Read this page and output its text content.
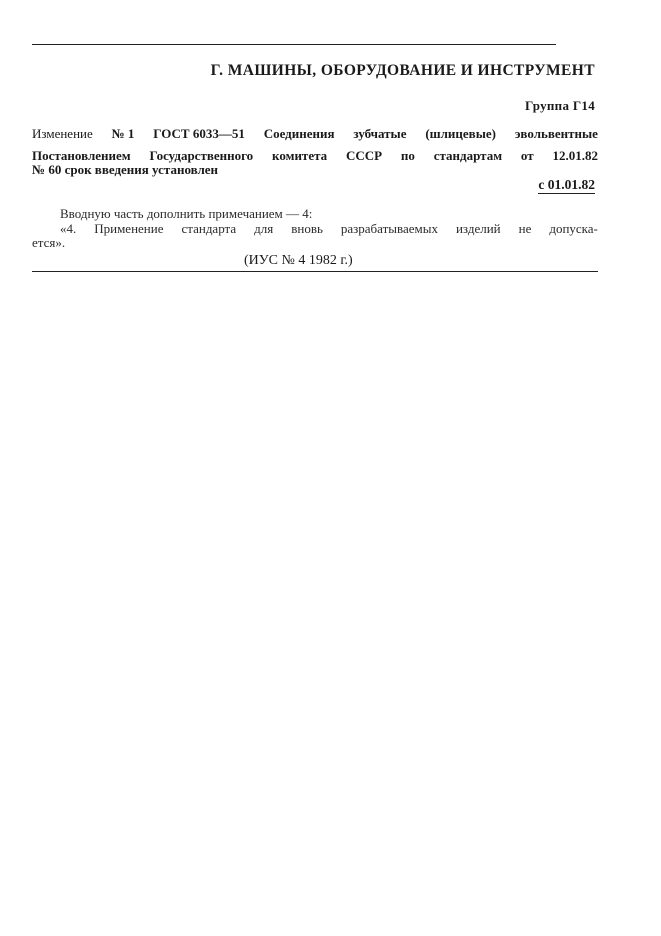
Г. МАШИНЫ, ОБОРУДОВАНИЕ И ИНСТРУМЕНТ
Группа Г14
Изменение № 1 ГОСТ 6033—51 Соединения зубчатые (шлицевые) эвольвентные
Постановлением Государственного комитета СССР по стандартам от 12.01.82
№ 60 срок введения установлен
с 01.01.82
Вводную часть дополнить примечанием — 4:
«4. Применение стандарта для вновь разрабатываемых изделий не допуска-
ется».
(ИУС № 4 1982 г.)
